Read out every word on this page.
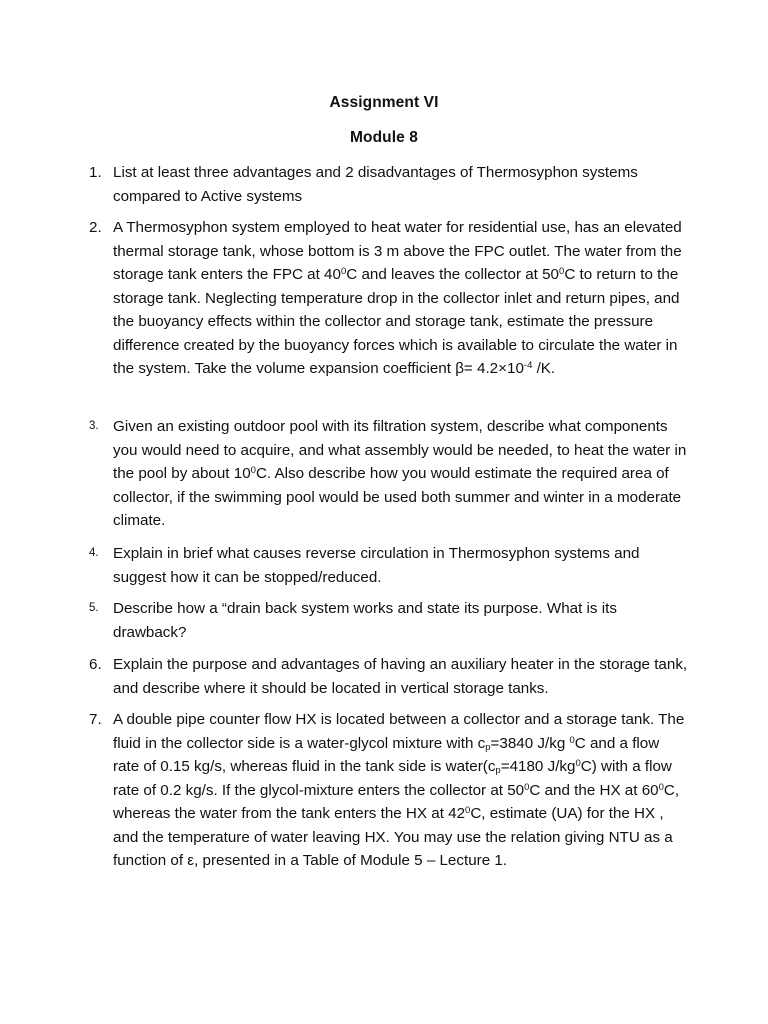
Assignment VI
Module 8
1. List at least three advantages and 2 disadvantages of Thermosyphon systems compared to Active systems
2. A Thermosyphon system employed to heat water for residential use, has an elevated thermal storage tank, whose bottom is 3 m above the FPC outlet. The water from the storage tank enters the FPC at $40^0C$ and leaves the collector at $50^0C$ to return to the storage tank. Neglecting temperature drop in the collector inlet and return pipes, and the buoyancy effects within the collector and storage tank, estimate the pressure difference created by the buoyancy forces which is available to circulate the water in the system. Take the volume expansion coefficient $\beta= 4.2\times 10^{-4}$ /K.
3. Given an existing outdoor pool with its filtration system, describe what components you would need to acquire, and what assembly would be needed, to heat the water in the pool by about $10^0C$. Also describe how you would estimate the required area of collector, if the swimming pool would be used both summer and winter in a moderate climate.
4. Explain in brief what causes reverse circulation in Thermosyphon systems and suggest how it can be stopped/reduced.
5. Describe how a “drain back system works and state its purpose. What is its drawback?
6. Explain the purpose and advantages of having an auxiliary heater in the storage tank, and describe where it should be located in vertical storage tanks.
7. A double pipe counter flow HX is located between a collector and a storage tank. The fluid in the collector side is a water-glycol mixture with $c_p=3840$ J/kg $^0$C and a flow rate of 0.15 kg/s, whereas fluid in the tank side is $water(c_p=4180$ $J/kg^0C$) with a flow rate of 0.2 kg/s. If the glycol-mixture enters the collector at $50^0C$ and the HX at $60^0C$, whereas the water from the tank enters the HX at $42^0C$, estimate (UA) for the HX , and the temperature of water leaving HX. You may use the relation giving NTU as a function of ε, presented in a Table of Module 5 – Lecture 1.
